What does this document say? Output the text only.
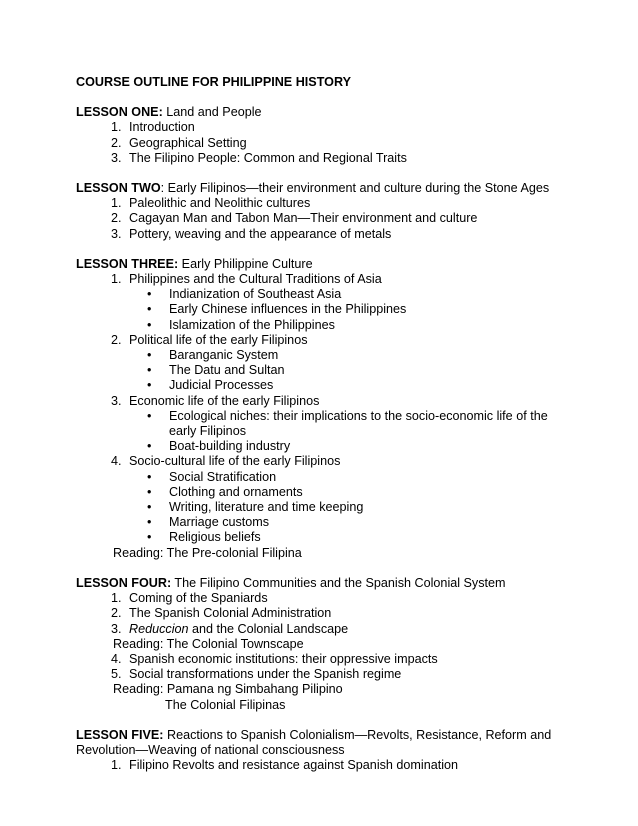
COURSE OUTLINE FOR PHILIPPINE HISTORY
LESSON ONE: Land and People
1. Introduction
2. Geographical Setting
3. The Filipino People: Common and Regional Traits
LESSON TWO: Early Filipinos—their environment and culture during the Stone Ages
1. Paleolithic and Neolithic cultures
2. Cagayan Man and Tabon Man—Their environment and culture
3. Pottery, weaving and the appearance of metals
LESSON THREE: Early Philippine Culture
1. Philippines and the Cultural Traditions of Asia
•	Indianization of Southeast Asia
•	Early Chinese influences in the Philippines
•	Islamization of the Philippines
2. Political life of the early Filipinos
•	Baranganic System
•	The Datu and Sultan
•	Judicial Processes
3. Economic life of the early Filipinos
•	Ecological niches: their implications to the socio-economic life of the early Filipinos
•	Boat-building industry
4. Socio-cultural life of the early Filipinos
•	Social Stratification
•	Clothing and ornaments
•	Writing, literature and time keeping
•	Marriage customs
•	Religious beliefs
Reading: The Pre-colonial Filipina
LESSON FOUR: The Filipino Communities and the Spanish Colonial System
1. Coming of the Spaniards
2. The Spanish Colonial Administration
3. Reduccion and the Colonial Landscape
Reading: The Colonial Townscape
4. Spanish economic institutions: their oppressive impacts
5. Social transformations under the Spanish regime
Reading: Pamana ng Simbahang Pilipino
The Colonial Filipinas
LESSON FIVE: Reactions to Spanish Colonialism—Revolts, Resistance, Reform and
Revolution—Weaving of national consciousness
1. Filipino Revolts and resistance against Spanish domination
